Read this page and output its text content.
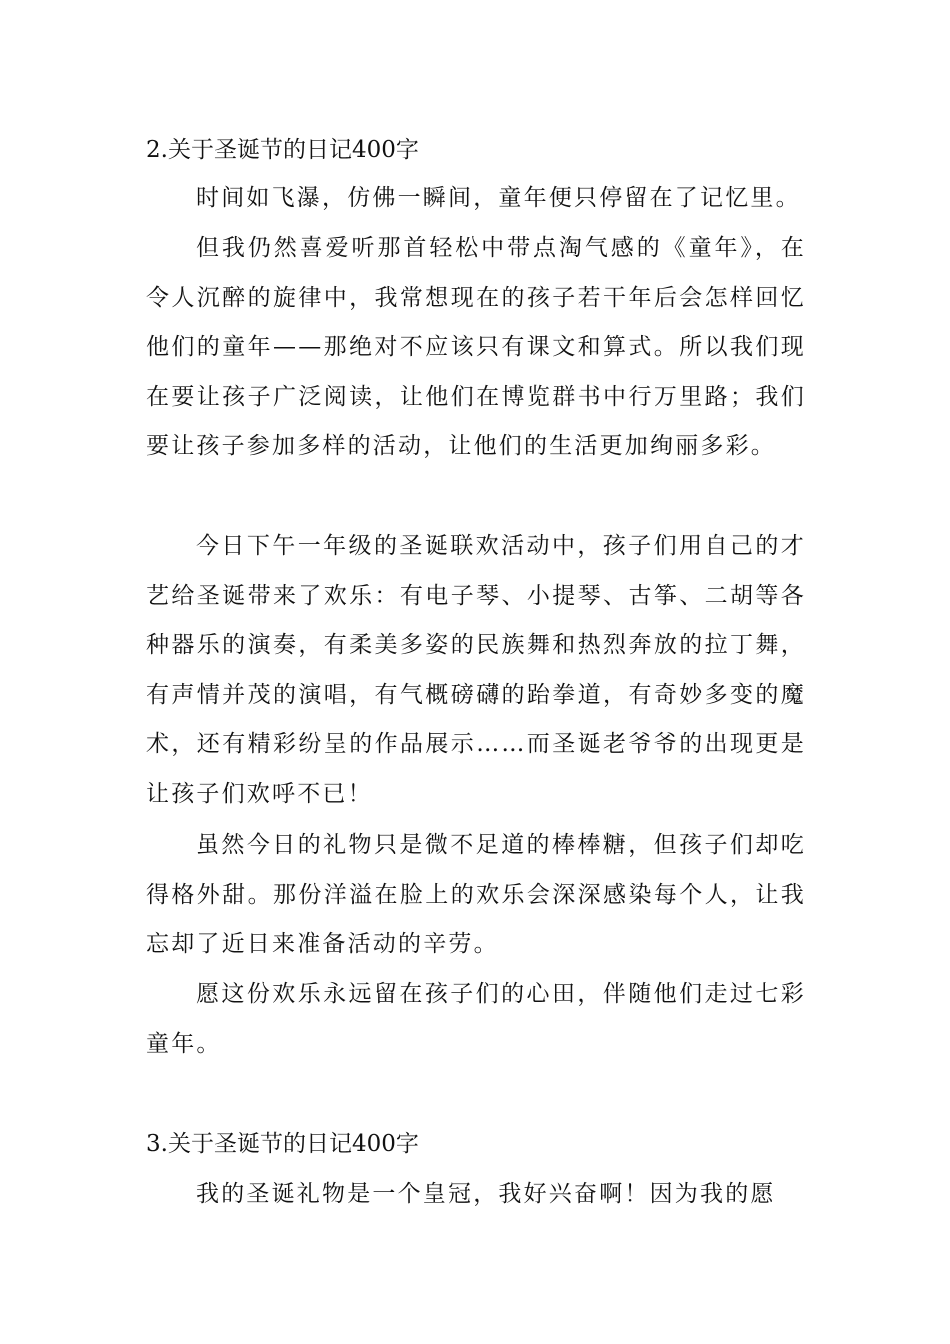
2.关于圣诞节的日记400字

时间如飞瀑，仿佛一瞬间，童年便只停留在了记忆里。

但我仍然喜爱听那首轻松中带点淘气感的《童年》，在令人沉醉的旋律中，我常想现在的孩子若干年后会怎样回忆他们的童年——那绝对不应该只有课文和算式。所以我们现在要让孩子广泛阅读，让他们在博览群书中行万里路；我们要让孩子参加多样的活动，让他们的生活更加绚丽多彩。

今日下午一年级的圣诞联欢活动中，孩子们用自己的才艺给圣诞带来了欢乐：有电子琴、小提琴、古筝、二胡等各种器乐的演奏，有柔美多姿的民族舞和热烈奔放的拉丁舞，有声情并茂的演唱，有气概磅礴的跆拳道，有奇妙多变的魔术，还有精彩纷呈的作品展示……而圣诞老爷爷的出现更是让孩子们欢呼不已！

虽然今日的礼物只是微不足道的棒棒糖，但孩子们却吃得格外甜。那份洋溢在脸上的欢乐会深深感染每个人，让我忘却了近日来准备活动的辛劳。

愿这份欢乐永远留在孩子们的心田，伴随他们走过七彩童年。

3.关于圣诞节的日记400字

我的圣诞礼物是一个皇冠，我好兴奋啊！因为我的愿
